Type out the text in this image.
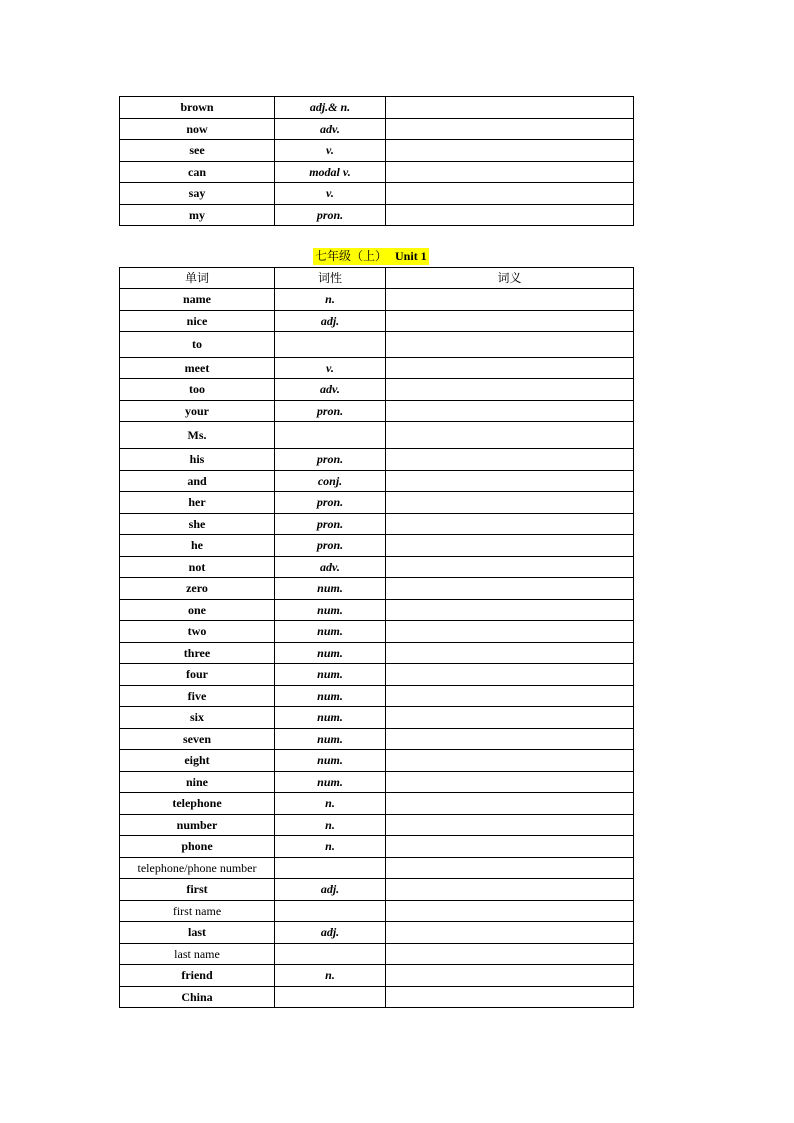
brown	adj.& n.	
now	adv.	
see	v.	
can	modal v.	
say	v.	
my	pron.	
七年级（上） Unit 1
单词	词性	词义
name	n.	
nice	adj.	
to		
meet	v.	
too	adv.	
your	pron.	
Ms.		
his	pron.	
and	conj.	
her	pron.	
she	pron.	
he	pron.	
not	adv.	
zero	num.	
one	num.	
two	num.	
three	num.	
four	num.	
five	num.	
six	num.	
seven	num.	
eight	num.	
nine	num.	
telephone	n.	
number	n.	
phone	n.	
telephone/phone number		
first	adj.	
first name		
last	adj.	
last name		
friend	n.	
China		
